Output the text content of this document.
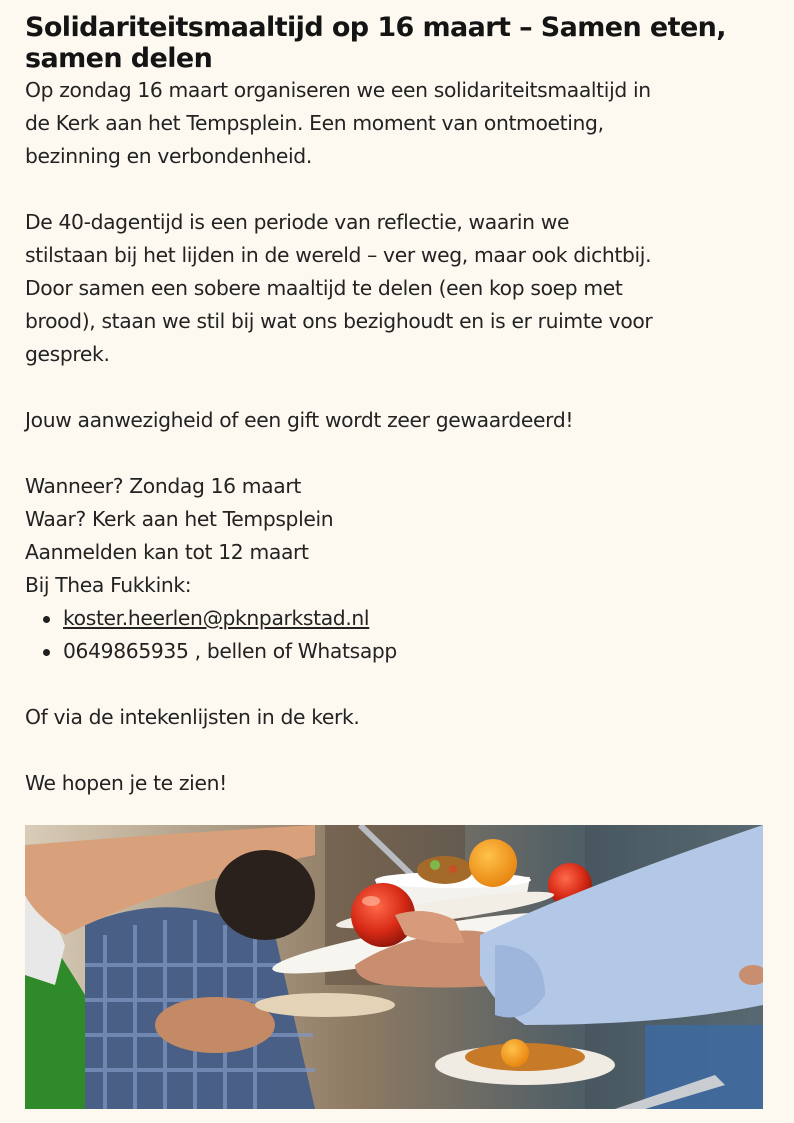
Solidariteitsmaaltijd op 16 maart – Samen eten, samen delen

Op zondag 16 maart organiseren we een solidariteitsmaaltijd in

de Kerk aan het Tempsplein. Een moment van ontmoeting,

bezinning en verbondenheid.

De 40-dagentijd is een periode van reflectie, waarin we

stilstaan bij het lijden in de wereld – ver weg, maar ook dichtbij.

Door samen een sobere maaltijd te delen (een kop soep met

brood), staan we stil bij wat ons bezighoudt en is er ruimte voor

gesprek.

Jouw aanwezigheid of een gift wordt zeer gewaardeerd!

Wanneer? Zondag 16 maart

Waar? Kerk aan het Tempsplein

Aanmelden kan tot 12 maart

Bij Thea Fukkink:

koster.heerlen@pknparkstad.nl
0649865935 , bellen of Whatsapp

Of via de intekenlijsten in de kerk.

We hopen je te zien!
